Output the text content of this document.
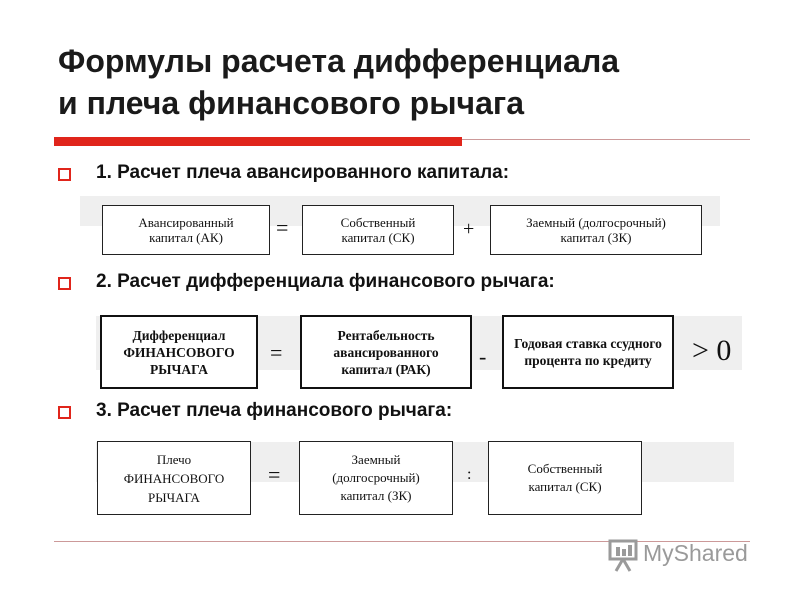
Формулы расчета дифференциала
и плеча финансового рычага
1. Расчет плеча авансированного капитала:
Авансированный капитал (АК)	=	Собственный капитал (СК)	+	Заемный (долгосрочный) капитал (ЗК)
2. Расчет дифференциала финансового рычага:
Дифференциал ФИНАНСОВОГО РЫЧАГА
=
Рентабельность авансированного капитал (РАК)	-
Годовая ставка ссудного процента по кредиту	> 0
3. Расчет плеча финансового рычага:
Плечо ФИНАНСОВОГО РЫЧАГА
=
Заемный (долгосрочный) капитал (ЗК)
:	Собственный капитал (СК)
MyShared
